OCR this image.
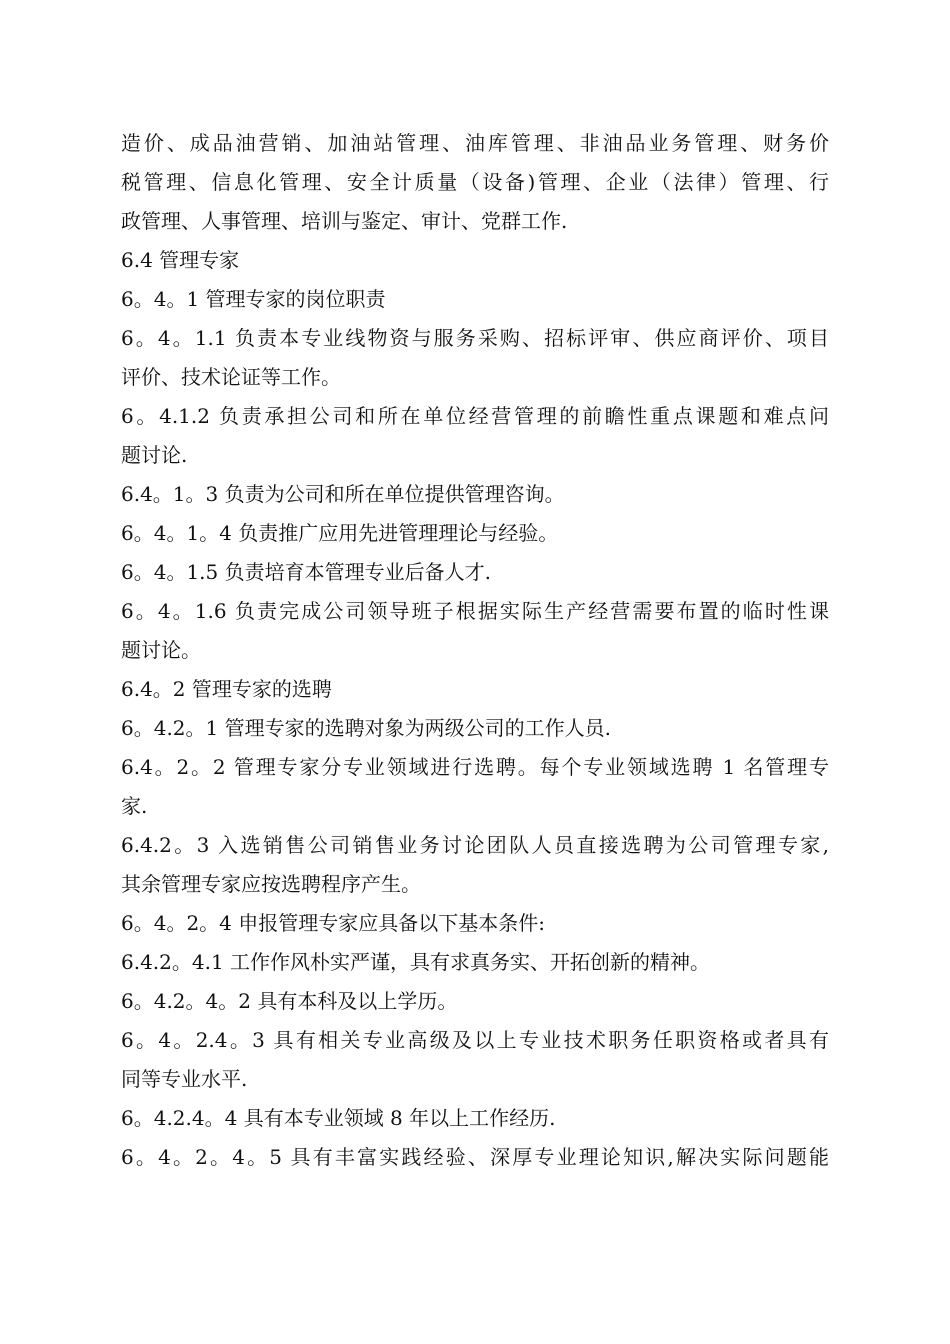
造价、成品油营销、加油站管理、油库管理、非油品业务管理、财务价
税管理、信息化管理、安全计质量（设备)管理、企业（法律）管理、行
政管理、人事管理、培训与鉴定、审计、党群工作.
6.4 管理专家
6。4。1 管理专家的岗位职责
6。4。1.1 负责本专业线物资与服务采购、招标评审、供应商评价、项目
评价、技术论证等工作。
6。4.1.2 负责承担公司和所在单位经营管理的前瞻性重点课题和难点问
题讨论.
6.4。1。3 负责为公司和所在单位提供管理咨询。
6。4。1。4 负责推广应用先进管理理论与经验。
6。4。1.5 负责培育本管理专业后备人才.
6。4。1.6 负责完成公司领导班子根据实际生产经营需要布置的临时性课
题讨论。
6.4。2 管理专家的选聘
6。4.2。1 管理专家的选聘对象为两级公司的工作人员.
6.4。2。2 管理专家分专业领域进行选聘。每个专业领域选聘 1 名管理专
家.
6.4.2。3 入选销售公司销售业务讨论团队人员直接选聘为公司管理专家,
其余管理专家应按选聘程序产生。
6。4。2。4 申报管理专家应具备以下基本条件:
6.4.2。4.1 工作作风朴实严谨，具有求真务实、开拓创新的精神。
6。4.2。4。2 具有本科及以上学历。
6。4。2.4。3 具有相关专业高级及以上专业技术职务任职资格或者具有
同等专业水平.
6。4.2.4。4 具有本专业领域 8 年以上工作经历.
6。4。2。4。5 具有丰富实践经验、深厚专业理论知识,解决实际问题能
